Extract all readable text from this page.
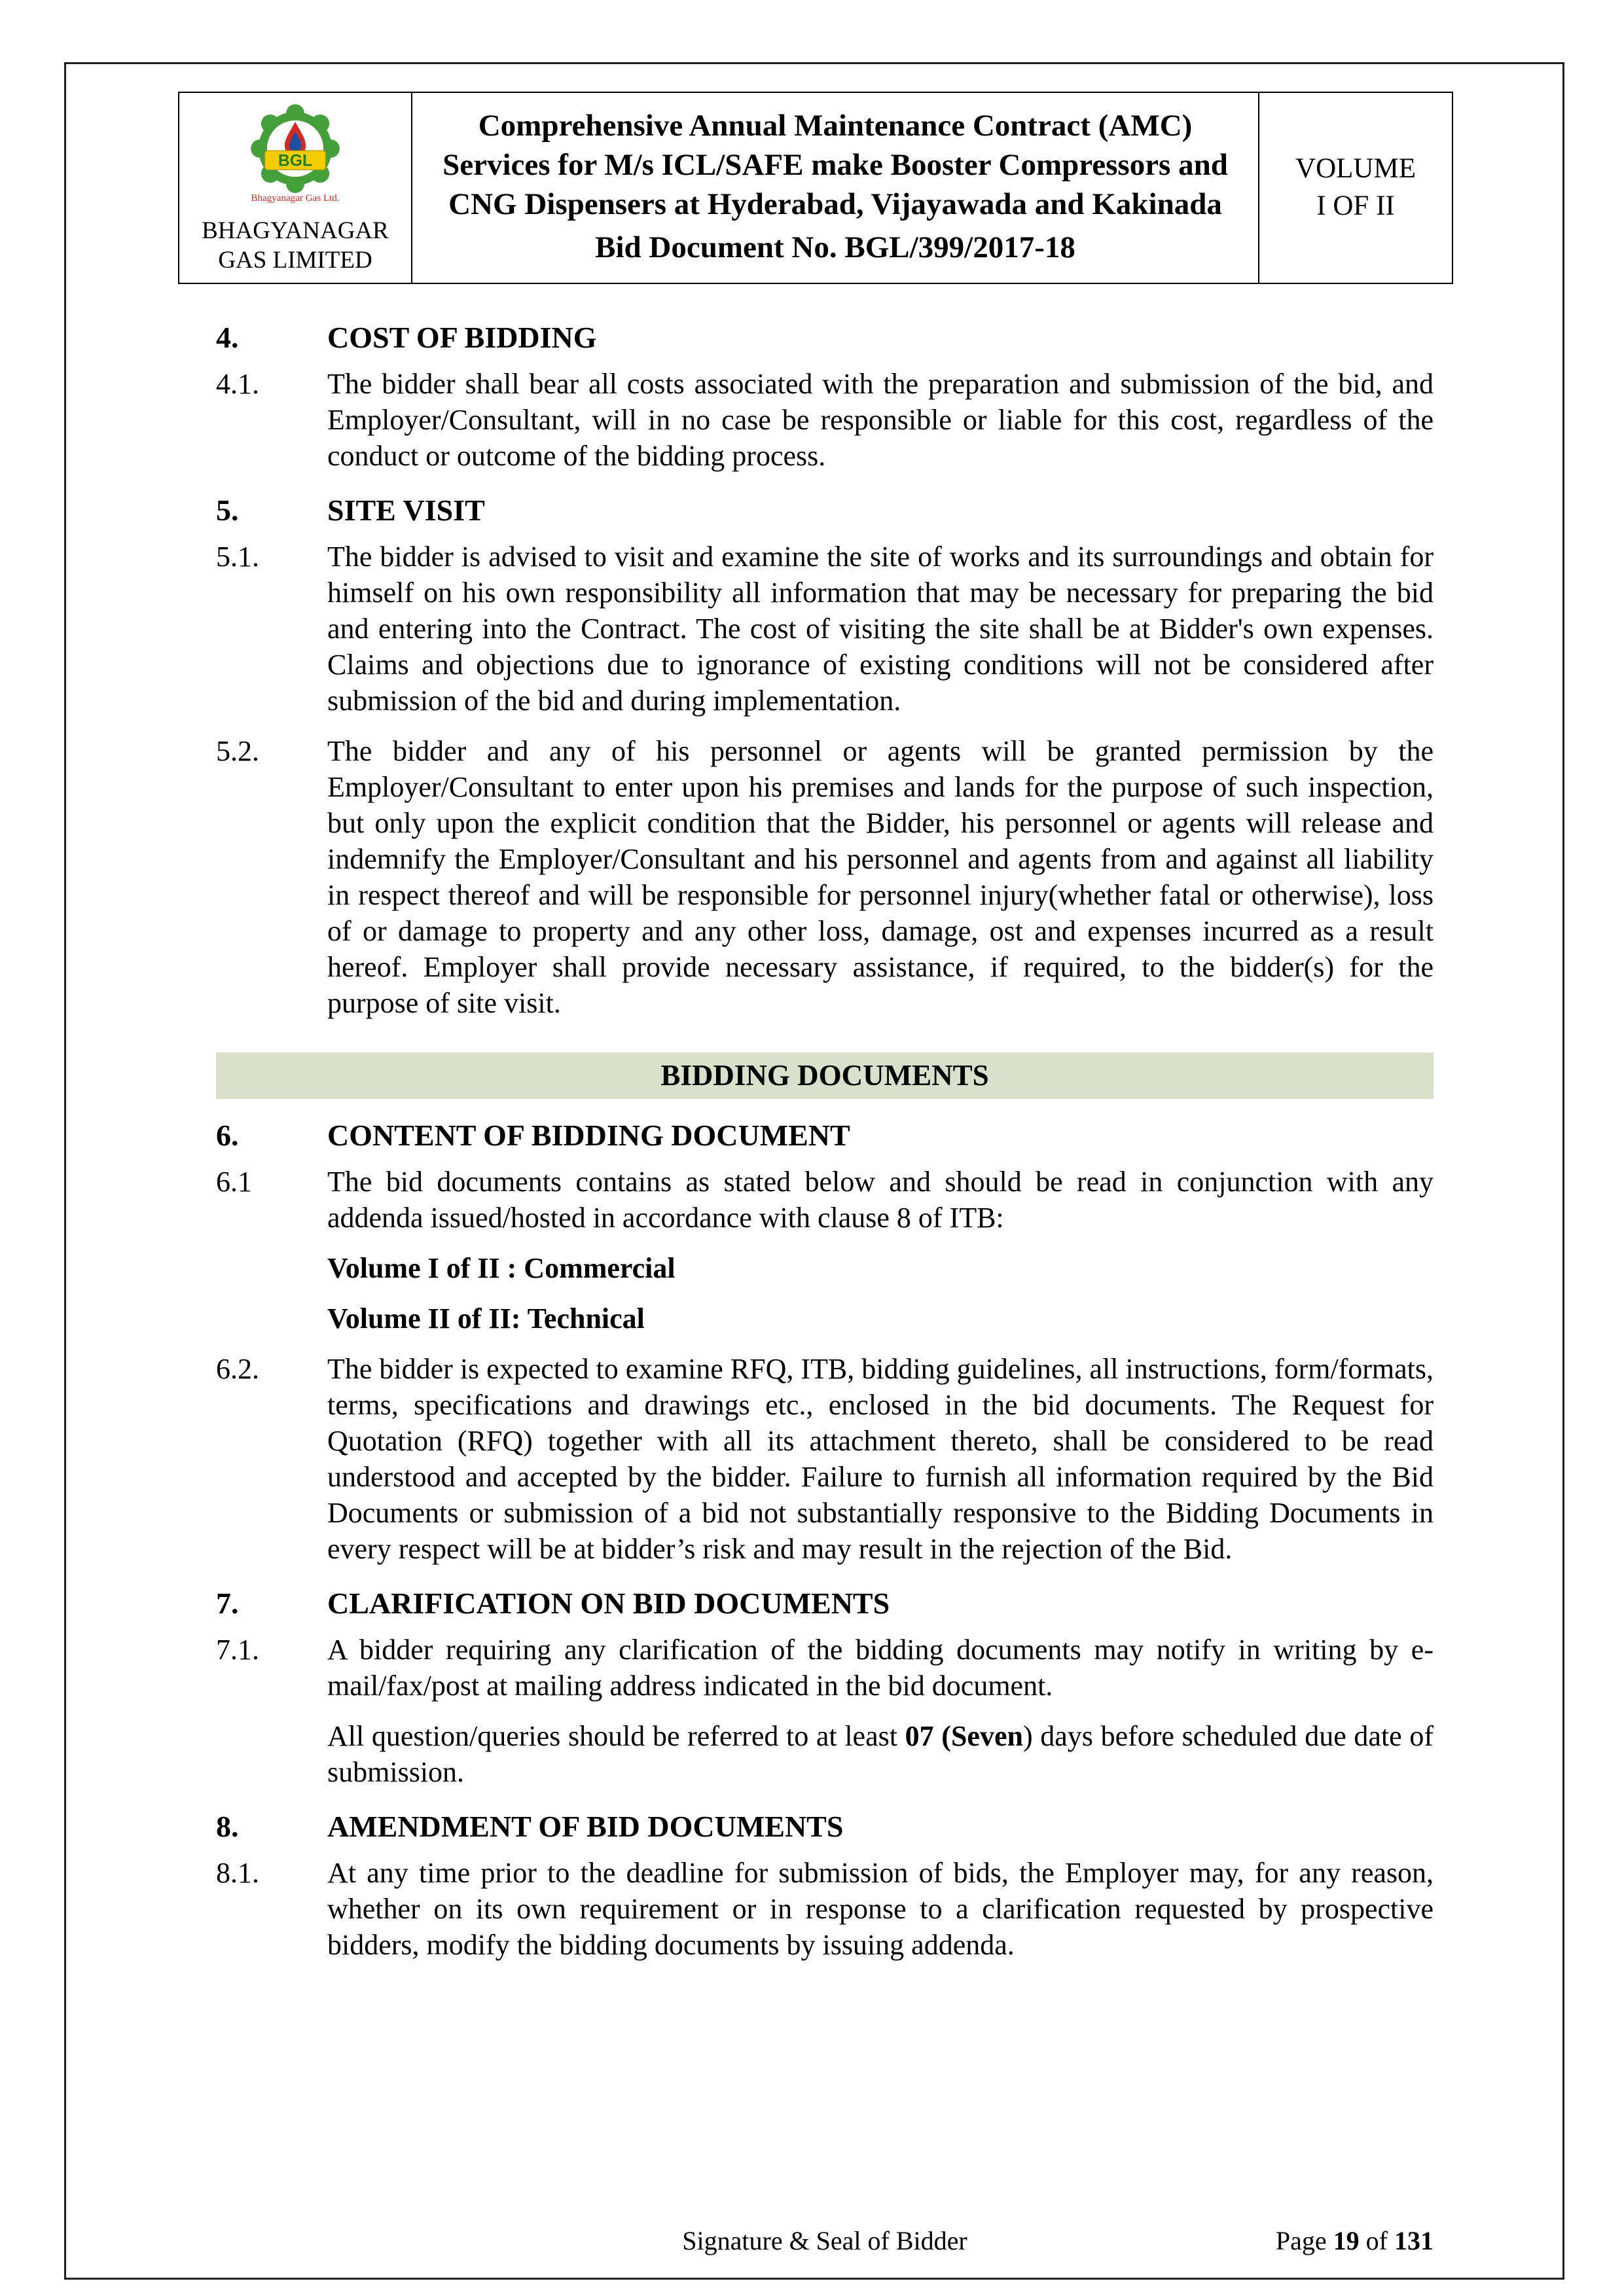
BGL
Bhagyanagar Gas Ltd.
BHAGYANAGAR
GAS LIMITED
Comprehensive Annual Maintenance Contract (AMC) Services for M/s ICL/SAFE make Booster Compressors and CNG Dispensers at Hyderabad, Vijayawada and Kakinada
Bid Document No. BGL/399/2017-18
VOLUME
I OF II
4.	COST OF BIDDING
4.1.	The bidder shall bear all costs associated with the preparation and submission of the bid, and Employer/Consultant, will in no case be responsible or liable for this cost, regardless of the conduct or outcome of the bidding process.
5.	SITE VISIT
5.1.	The bidder is advised to visit and examine the site of works and its surroundings and obtain for himself on his own responsibility all information that may be necessary for preparing the bid and entering into the Contract. The cost of visiting the site shall be at Bidder's own expenses. Claims and objections due to ignorance of existing conditions will not be considered after submission of the bid and during implementation.
5.2.	The bidder and any of his personnel or agents will be granted permission by the Employer/Consultant to enter upon his premises and lands for the purpose of such inspection, but only upon the explicit condition that the Bidder, his personnel or agents will release and indemnify the Employer/Consultant and his personnel and agents from and against all liability in respect thereof and will be responsible for personnel injury(whether fatal or otherwise), loss of or damage to property and any other loss, damage, ost and expenses incurred as a result hereof. Employer shall provide necessary assistance, if required, to the bidder(s) for the purpose of site visit.
BIDDING DOCUMENTS
6.	CONTENT OF BIDDING DOCUMENT
6.1	The bid documents contains as stated below and should be read in conjunction with any addenda issued/hosted in accordance with clause 8 of ITB:
Volume I of II : Commercial
Volume II of II: Technical
6.2.	The bidder is expected to examine RFQ, ITB, bidding guidelines, all instructions, form/formats, terms, specifications and drawings etc., enclosed in the bid documents. The Request for Quotation (RFQ) together with all its attachment thereto, shall be considered to be read understood and accepted by the bidder. Failure to furnish all information required by the Bid Documents or submission of a bid not substantially responsive to the Bidding Documents in every respect will be at bidder’s risk and may result in the rejection of the Bid.
7.	CLARIFICATION ON BID DOCUMENTS
7.1.	A bidder requiring any clarification of the bidding documents may notify in writing by e-mail/fax/post at mailing address indicated in the bid document.
All question/queries should be referred to at least 07 (Seven) days before scheduled due date of submission.
8.	AMENDMENT OF BID DOCUMENTS
8.1.	At any time prior to the deadline for submission of bids, the Employer may, for any reason, whether on its own requirement or in response to a clarification requested by prospective bidders, modify the bidding documents by issuing addenda.
Signature & Seal of Bidder	Page 19 of 131
